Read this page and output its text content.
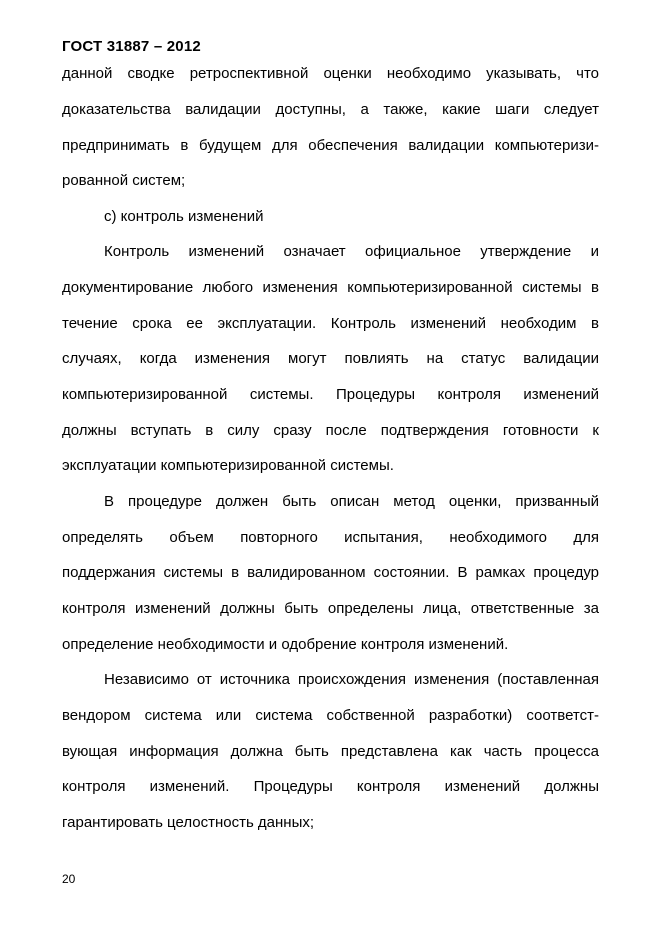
ГОСТ 31887 – 2012
данной сводке ретроспективной оценки необходимо указывать, что
доказательства валидации доступны, а также, какие шаги следует
предпринимать в будущем для обеспечения валидации компьютеризи-
рованной систем;
с) контроль изменений
Контроль изменений означает официальное утверждение и
документирование любого изменения компьютеризированной системы в
течение срока ее эксплуатации. Контроль изменений необходим в
случаях, когда изменения могут повлиять на статус валидации
компьютеризированной системы. Процедуры контроля изменений
должны вступать в силу сразу после подтверждения готовности к
эксплуатации компьютеризированной системы.
В процедуре должен быть описан метод оценки, призванный
определять объем повторного испытания, необходимого для
поддержания системы в валидированном состоянии. В рамках процедур
контроля изменений должны быть определены лица, ответственные за
определение необходимости и одобрение контроля изменений.
Независимо от источника происхождения изменения (поставленная
вендором система или система собственной разработки) соответст-
вующая информация должна быть представлена как часть процесса
контроля изменений. Процедуры контроля изменений должны
гарантировать целостность данных;
20
